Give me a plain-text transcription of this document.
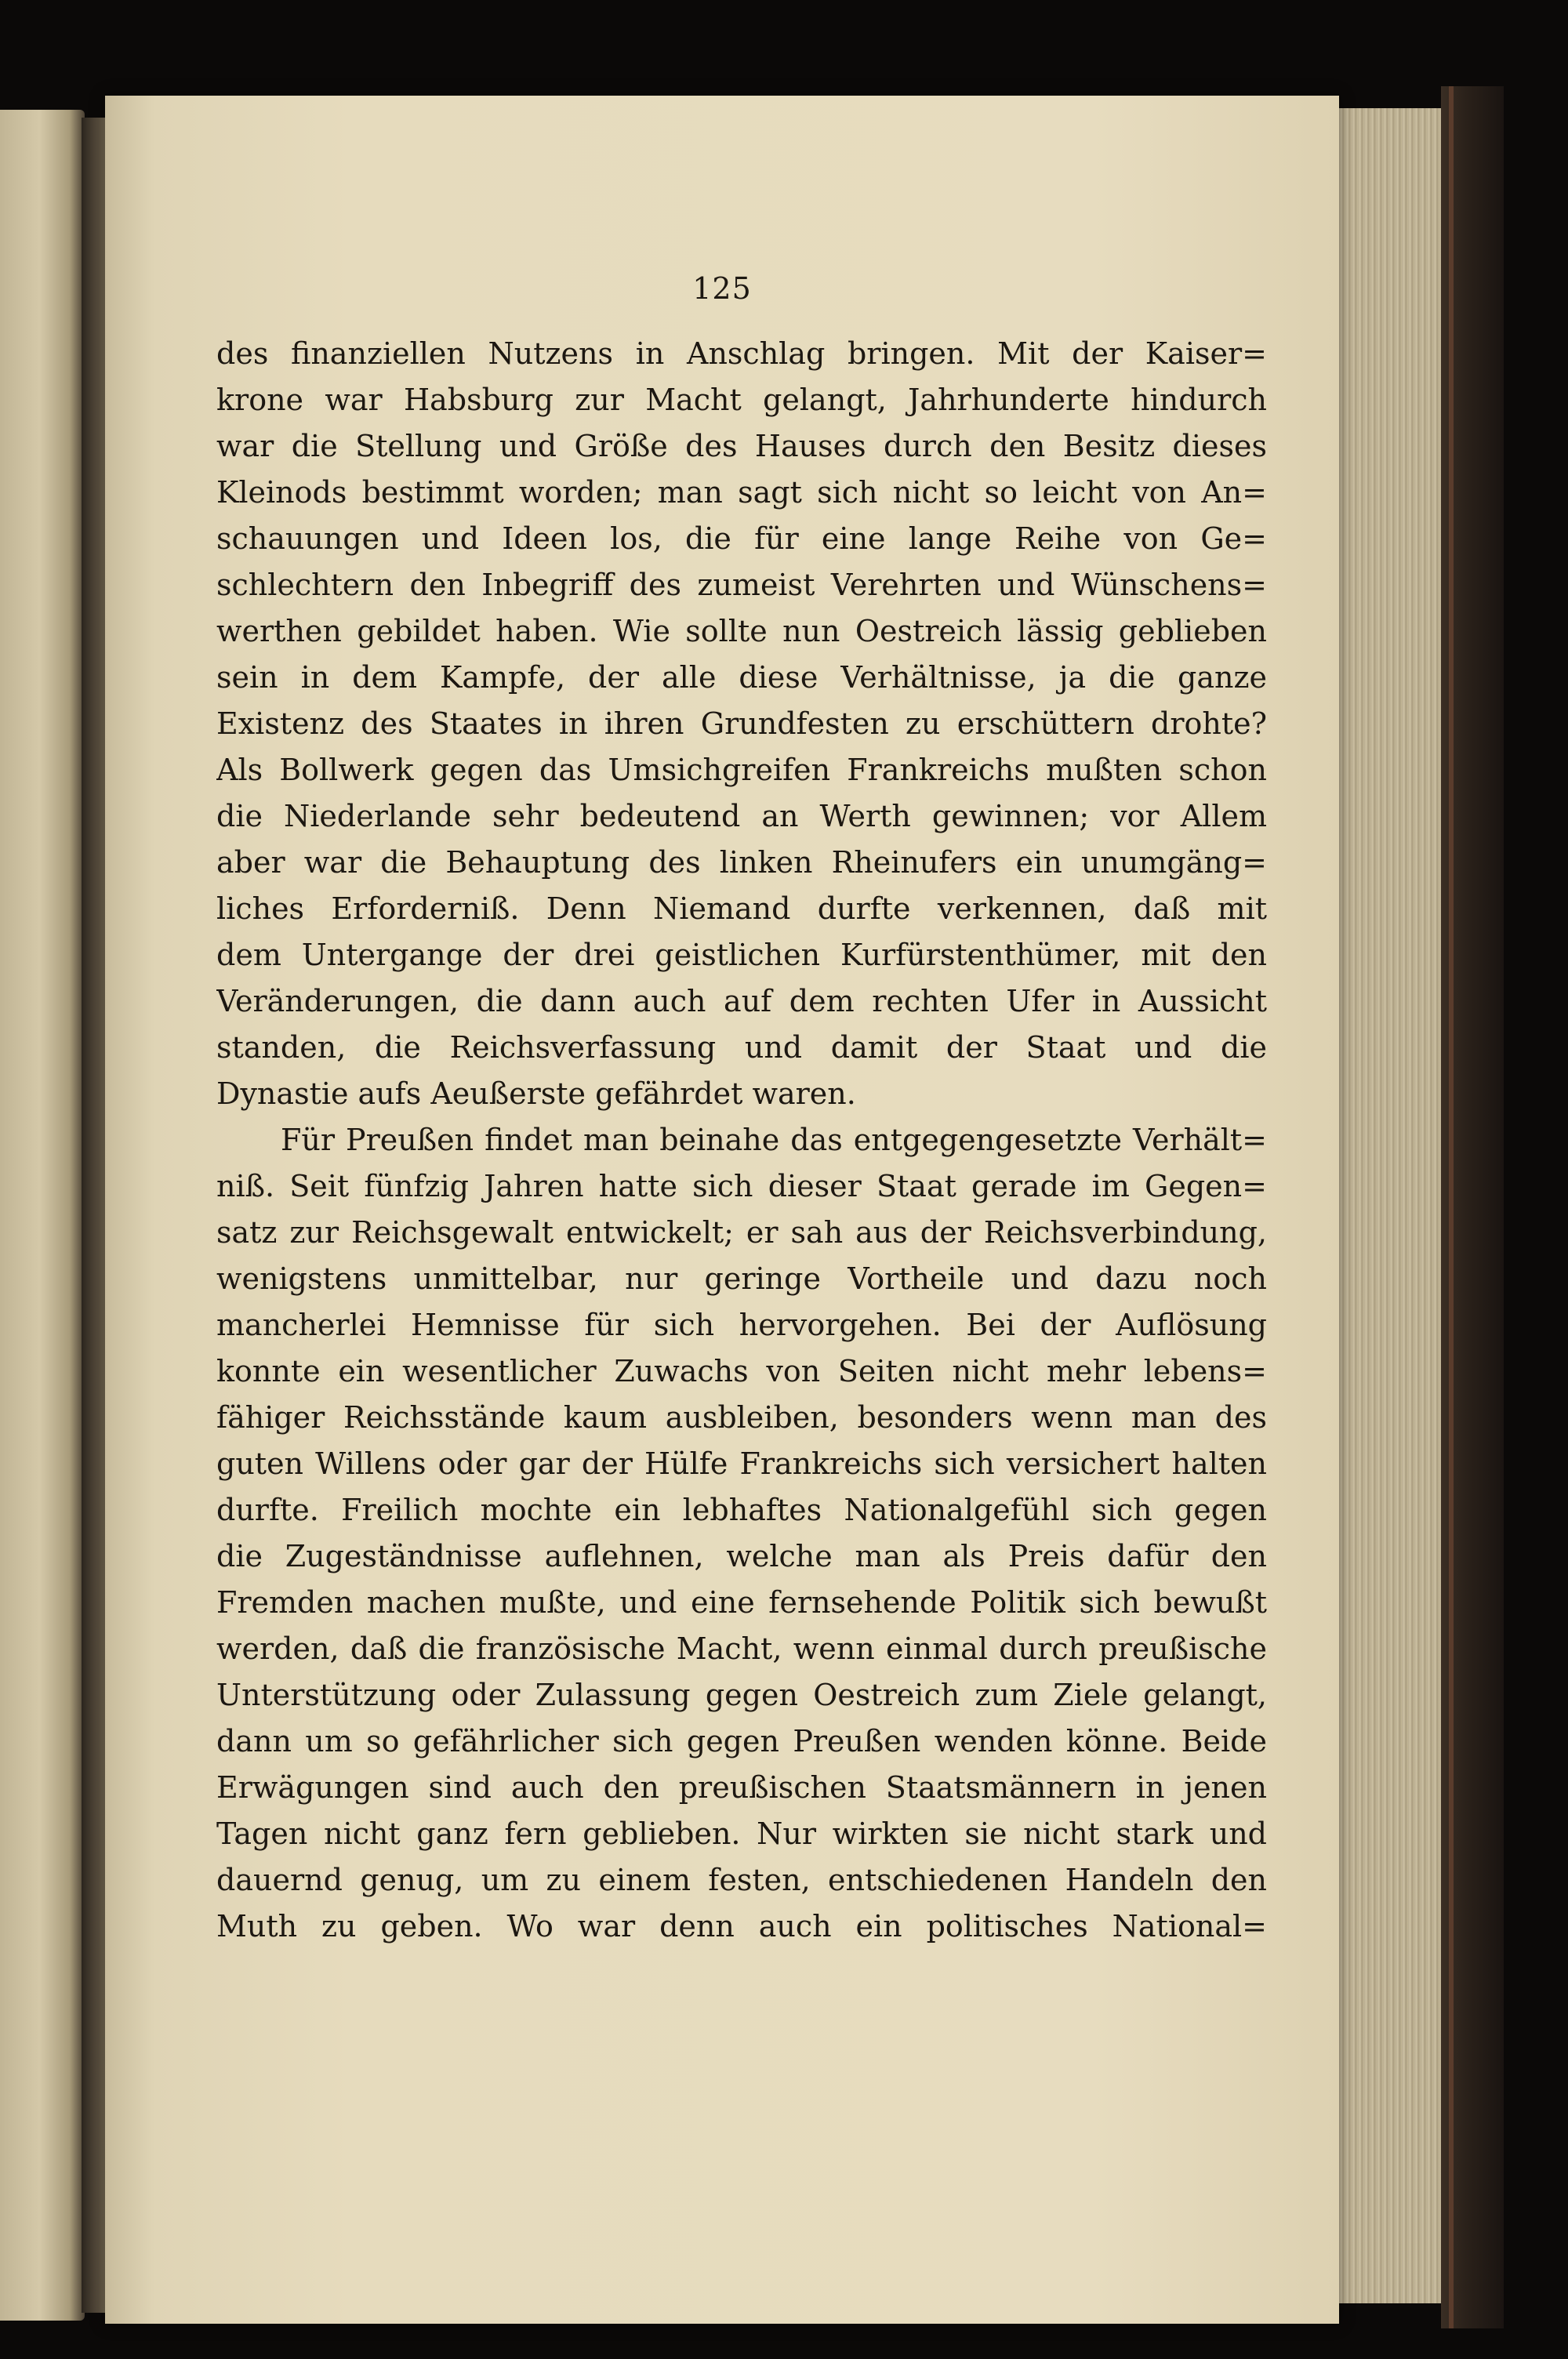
125
des finanziellen Nutzens in Anschlag bringen. Mit der Kaiser=
krone war Habsburg zur Macht gelangt, Jahrhunderte hindurch
war die Stellung und Größe des Hauses durch den Besitz dieses
Kleinods bestimmt worden; man sagt sich nicht so leicht von An=
schauungen und Ideen los, die für eine lange Reihe von Ge=
schlechtern den Inbegriff des zumeist Verehrten und Wünschens=
werthen gebildet haben. Wie sollte nun Oestreich lässig geblieben
sein in dem Kampfe, der alle diese Verhältnisse, ja die ganze
Existenz des Staates in ihren Grundfesten zu erschüttern drohte?
Als Bollwerk gegen das Umsichgreifen Frankreichs mußten schon
die Niederlande sehr bedeutend an Werth gewinnen; vor Allem
aber war die Behauptung des linken Rheinufers ein unumgäng=
liches Erforderniß. Denn Niemand durfte verkennen, daß mit
dem Untergange der drei geistlichen Kurfürstenthümer, mit den
Veränderungen, die dann auch auf dem rechten Ufer in Aussicht
standen, die Reichsverfassung und damit der Staat und die
Dynastie aufs Aeußerste gefährdet waren.
Für Preußen findet man beinahe das entgegengesetzte Verhält=
niß. Seit fünfzig Jahren hatte sich dieser Staat gerade im Gegen=
satz zur Reichsgewalt entwickelt; er sah aus der Reichsverbindung,
wenigstens unmittelbar, nur geringe Vortheile und dazu noch
mancherlei Hemnisse für sich hervorgehen. Bei der Auflösung
konnte ein wesentlicher Zuwachs von Seiten nicht mehr lebens=
fähiger Reichsstände kaum ausbleiben, besonders wenn man des
guten Willens oder gar der Hülfe Frankreichs sich versichert halten
durfte. Freilich mochte ein lebhaftes Nationalgefühl sich gegen
die Zugeständnisse auflehnen, welche man als Preis dafür den
Fremden machen mußte, und eine fernsehende Politik sich bewußt
werden, daß die französische Macht, wenn einmal durch preußische
Unterstützung oder Zulassung gegen Oestreich zum Ziele gelangt,
dann um so gefährlicher sich gegen Preußen wenden könne. Beide
Erwägungen sind auch den preußischen Staatsmännern in jenen
Tagen nicht ganz fern geblieben. Nur wirkten sie nicht stark und
dauernd genug, um zu einem festen, entschiedenen Handeln den
Muth zu geben. Wo war denn auch ein politisches National=
